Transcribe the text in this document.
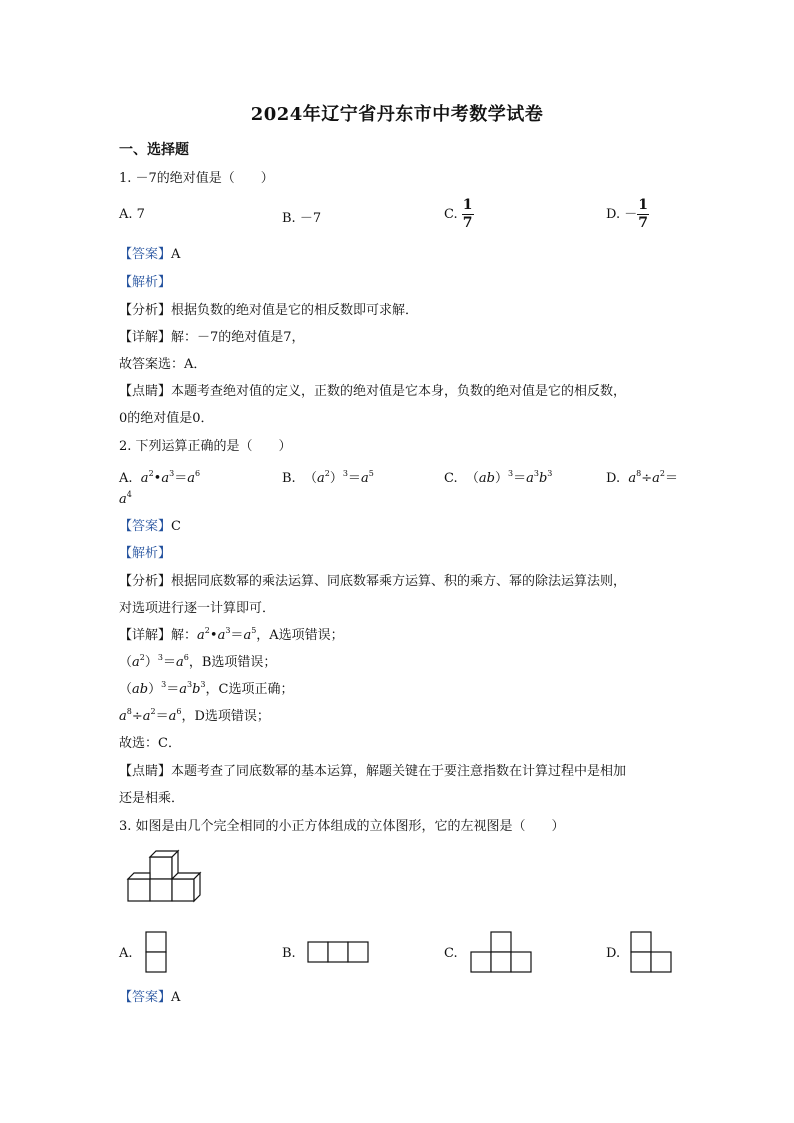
2024年辽宁省丹东市中考数学试卷
一、选择题
1. －7的绝对值是（　　）
A. 7	B. －7	C. $\frac{1}{7}$	D. － $\frac{1}{7}$
【答案】A
【解析】
【分析】根据负数的绝对值是它的相反数即可求解．
【详解】解：－7的绝对值是7，
故答案选：A．
【点睛】本题考查绝对值的定义，正数的绝对值是它本身，负数的绝对值是它的相反数，
0的绝对值是0．
2. 下列运算正确的是（　　）
A.  $a^2•a^3=a^6$	B.  $(a^2)^3=a^5$	C.  $(ab)^3=a^3b^3$	D.  $a^8\div a^2=$
$a^4$
【答案】C
【解析】
【分析】根据同底数幂的乘法运算、同底数幂乘方运算、积的乘方、幂的除法运算法则，
对选项进行逐一计算即可．
【详解】解：$a^2•a^3=a^5$，A选项错误；
$(a^2)^3=a^6$，B选项错误；
$(ab)^3=a^3b^3$，C选项正确；
$a^8\div a^2=a^6$，D选项错误；
故选：C．
【点睛】本题考查了同底数幂的基本运算，解题关键在于要注意指数在计算过程中是相加
还是相乘．
3. 如图是由几个完全相同的小正方体组成的立体图形，它的左视图是（　　）
A.	B.	C.	D.
【答案】A
